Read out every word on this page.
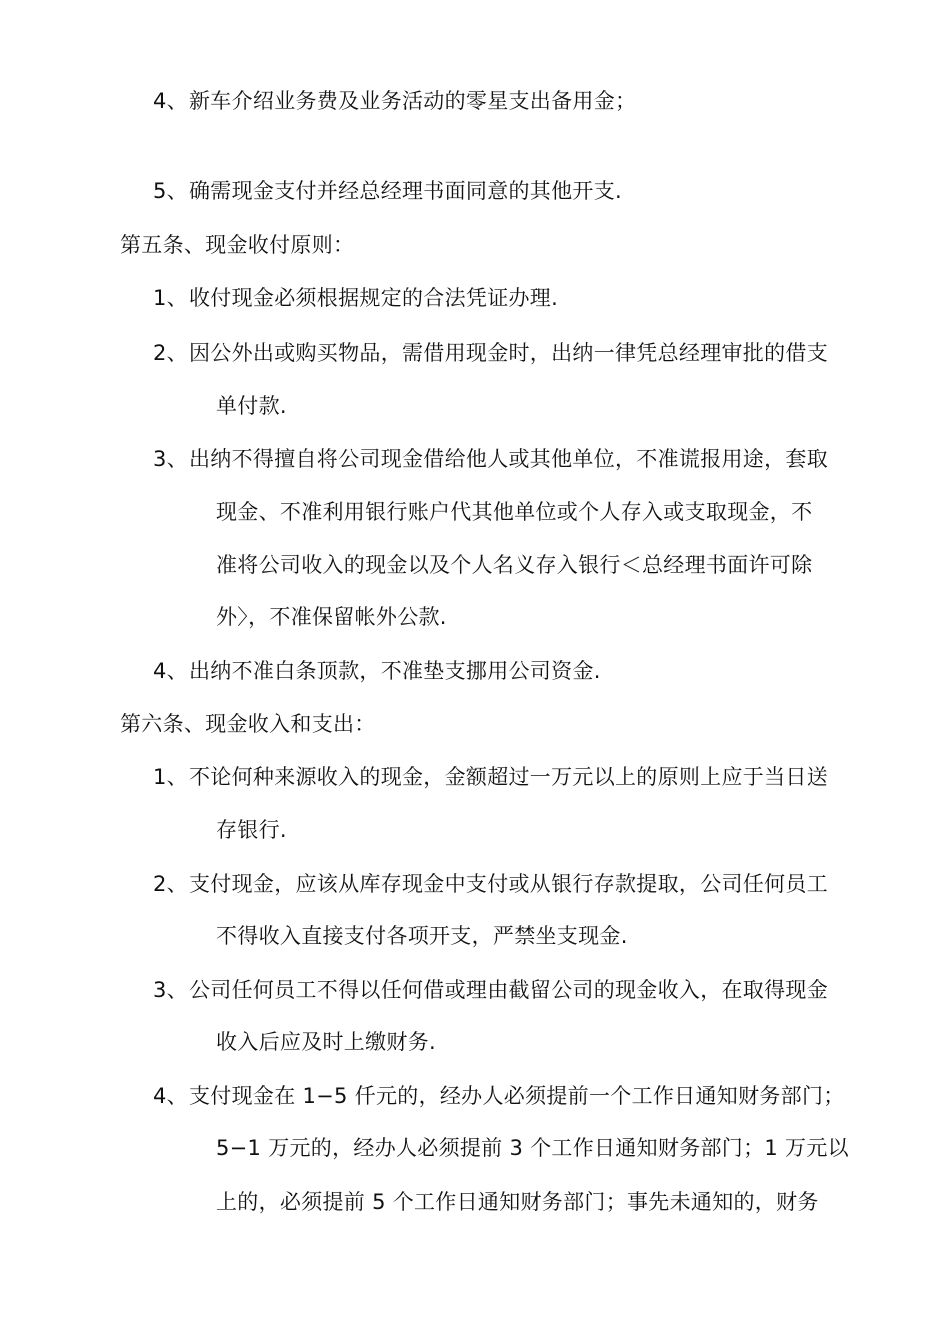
4、新车介绍业务费及业务活动的零星支出备用金；
5、确需现金支付并经总经理书面同意的其他开支.
第五条、现金收付原则：
1、收付现金必须根据规定的合法凭证办理.
2、因公外出或购买物品，需借用现金时，出纳一律凭总经理审批的借支
单付款.
3、出纳不得擅自将公司现金借给他人或其他单位，不准谎报用途，套取
现金、不准利用银行账户代其他单位或个人存入或支取现金，不
准将公司收入的现金以及个人名义存入银行＜总经理书面许可除
外〉，不准保留帐外公款.
4、出纳不准白条顶款，不准垫支挪用公司资金.
第六条、现金收入和支出：
1、不论何种来源收入的现金，金额超过一万元以上的原则上应于当日送
存银行.
2、支付现金，应该从库存现金中支付或从银行存款提取，公司任何员工
不得收入直接支付各项开支，严禁坐支现金.
3、公司任何员工不得以任何借或理由截留公司的现金收入，在取得现金
收入后应及时上缴财务.
4、支付现金在 1−5 仟元的，经办人必须提前一个工作日通知财务部门；
5−1 万元的，经办人必须提前 3 个工作日通知财务部门；1 万元以
上的，必须提前 5 个工作日通知财务部门；事先未通知的，财务
